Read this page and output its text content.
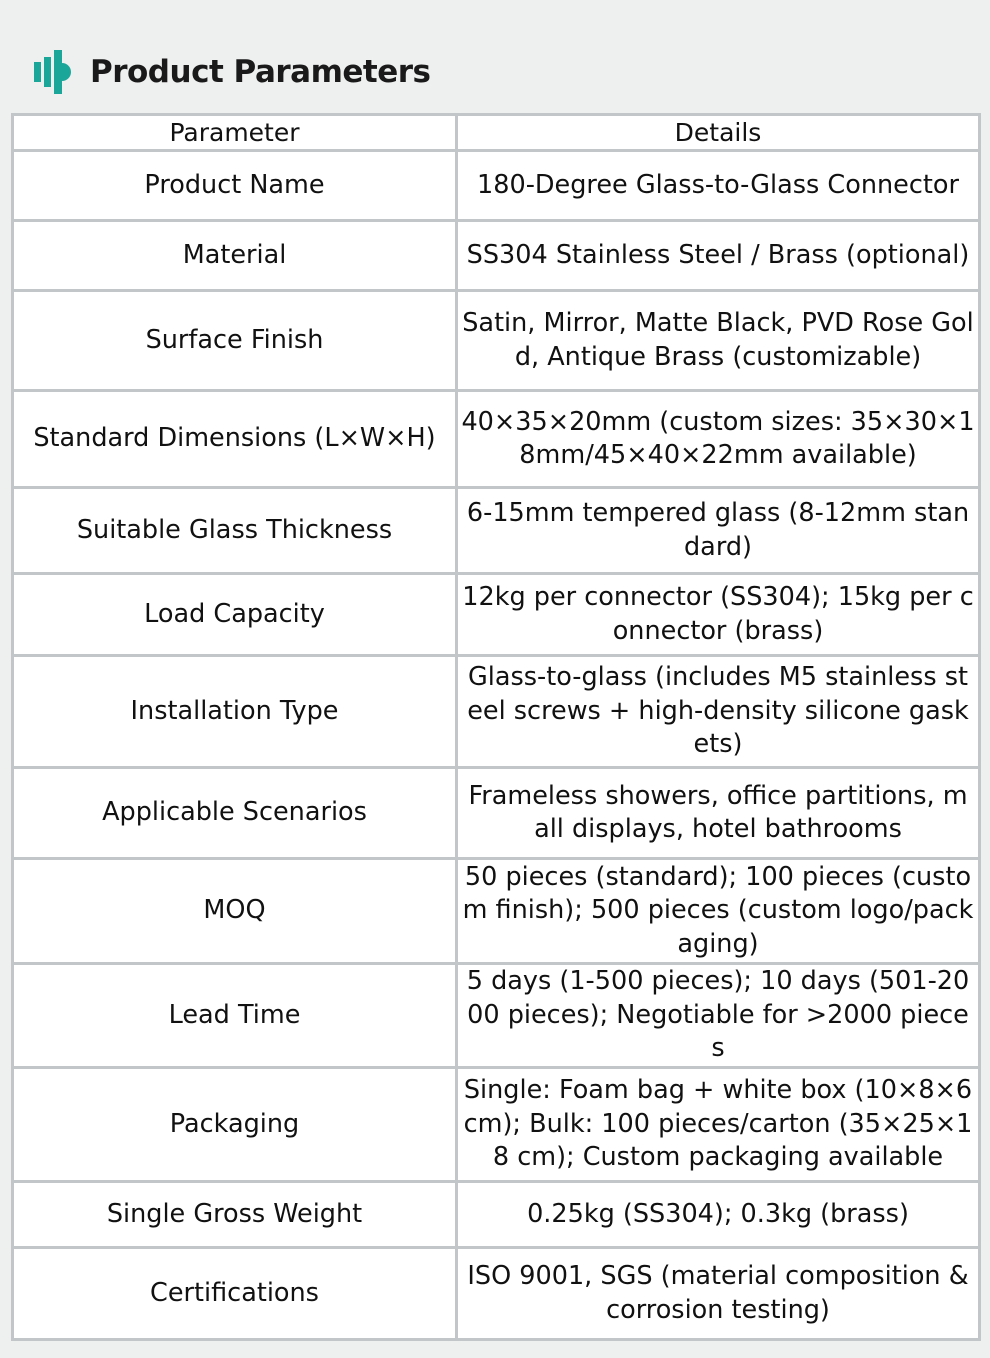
Product Parameters
Parameter	Details
Product Name	180-Degree Glass-to-Glass Connector
Material	SS304 Stainless Steel / Brass (optional)
Surface Finish	Satin, Mirror, Matte Black, PVD Rose Gold, Antique Brass (customizable)
Standard Dimensions (L×W×H)	40×35×20mm (custom sizes: 35×30×18mm/45×40×22mm available)
Suitable Glass Thickness	6-15mm tempered glass (8-12mm standard)
Load Capacity	12kg per connector (SS304); 15kg per connector (brass)
Installation Type	Glass-to-glass (includes M5 stainless steel screws + high-density silicone gaskets)
Applicable Scenarios	Frameless showers, office partitions, mall displays, hotel bathrooms
MOQ	50 pieces (standard); 100 pieces (custom finish); 500 pieces (custom logo/packaging)
Lead Time	5 days (1-500 pieces); 10 days (501-2000 pieces); Negotiable for >2000 pieces
Packaging	Single: Foam bag + white box (10×8×6 cm); Bulk: 100 pieces/carton (35×25×18 cm); Custom packaging available
Single Gross Weight	0.25kg (SS304); 0.3kg (brass)
Certifications	ISO 9001, SGS (material composition & corrosion testing)
